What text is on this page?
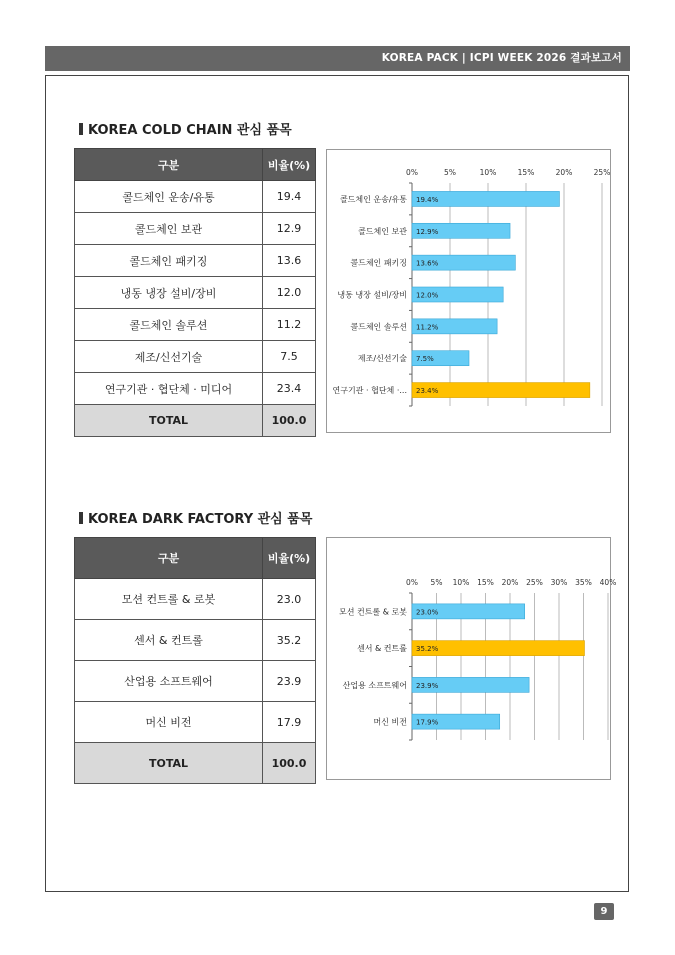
KOREA PACK | ICPI WEEK 2026 결과보고서
KOREA COLD CHAIN 관심 품목
구분	비율(%)
콜드체인 운송/유통	19.4
콜드체인 보관	12.9
콜드체인 패키징	13.6
냉동 냉장 설비/장비	12.0
콜드체인 솔루션	11.2
제조/신선기술	7.5
연구기관 · 협단체 · 미디어	23.4
TOTAL	100.0
0%	5%	10%	15%	20%	25%
19.4%
콜드체인 운송/유통
12.9%
콜드체인 보관
13.6%
콜드체인 패키징
12.0%
냉동 냉장 설비/장비
11.2%
콜드체인 솔루션
7.5%
제조/신선기술
23.4%
연구기관 · 협단체 ·...
KOREA DARK FACTORY 관심 품목
구분	비율(%)
모션 컨트롤 & 로봇	23.0
센서 & 컨트롤	35.2
산업용 소프트웨어	23.9
머신 비전	17.9
TOTAL	100.0
0% 5% 10% 15% 20% 25% 30% 35% 40%
23.0%
모션 컨트롤 & 로봇
35.2%
센서 & 컨트롤
23.9%
산업용 소프트웨어
17.9%
머신 비전
9
